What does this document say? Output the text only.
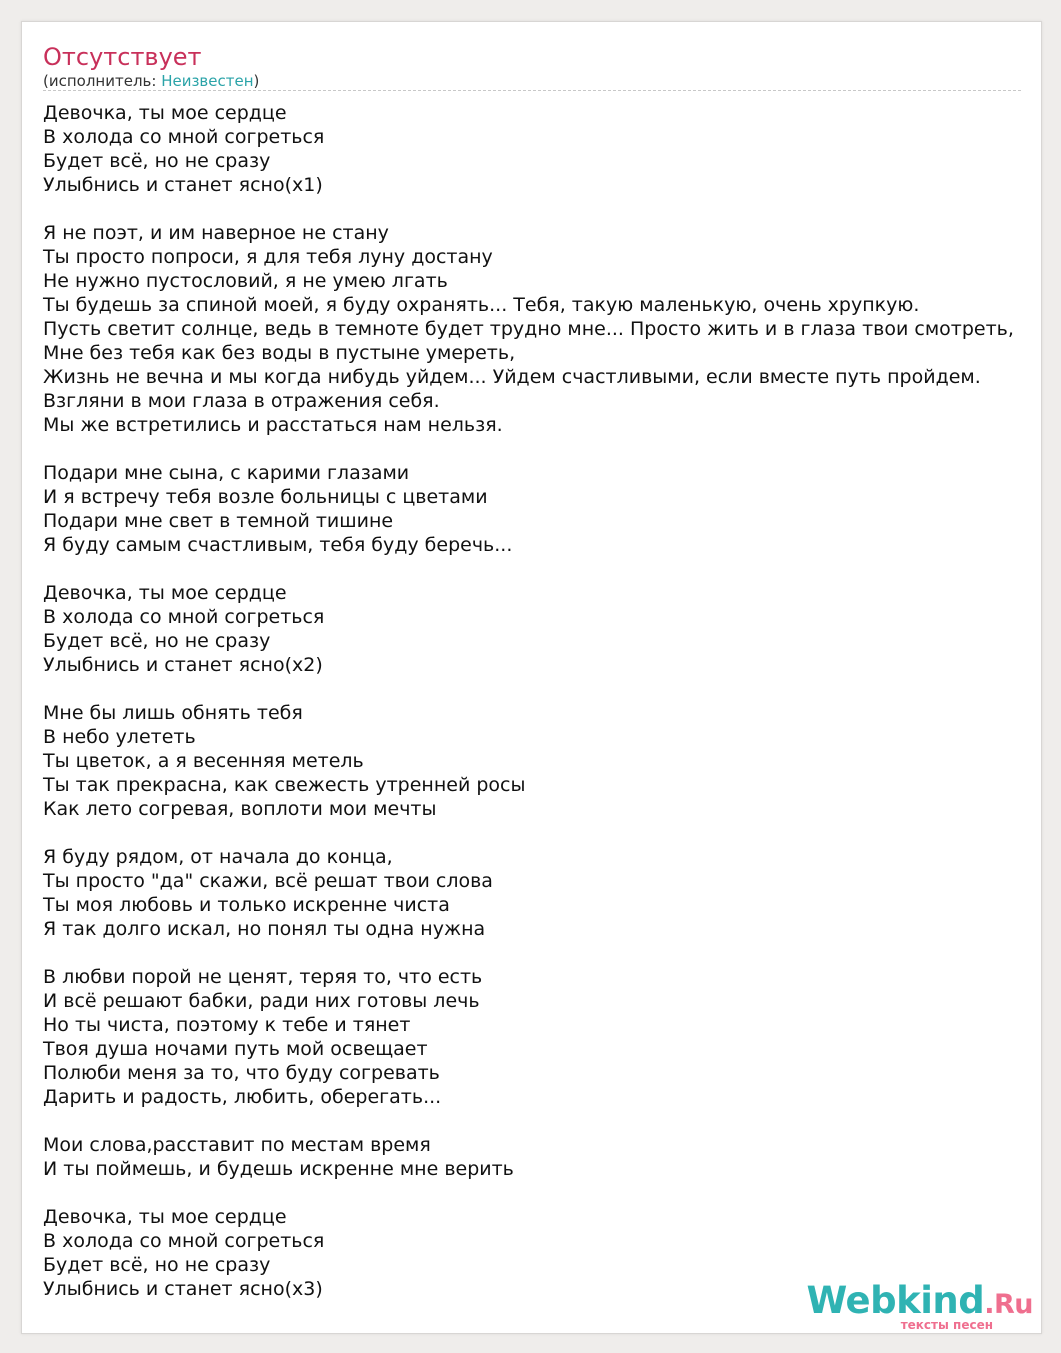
Отсутствует
(исполнитель: Неизвестен)
Девочка, ты мое сердце
В холода со мной согреться
Будет всё, но не сразу
Улыбнись и станет ясно(x1)
Я не поэт, и им наверное не стану
Ты просто попроси, я для тебя луну достану
Не нужно пустословий, я не умею лгать
Ты будешь за спиной моей, я буду охранять... Тебя, такую маленькую, очень хрупкую.
Пусть светит солнце, ведь в темноте будет трудно мне... Просто жить и в глаза твои смотреть,
Мне без тебя как без воды в пустыне умереть,
Жизнь не вечна и мы когда нибудь уйдем... Уйдем счастливыми, если вместе путь пройдем.
Взгляни в мои глаза в отражения себя.
Мы же встретились и расстаться нам нельзя.
Подари мне сына, с карими глазами
И я встречу тебя возле больницы с цветами
Подари мне свет в темной тишине
Я буду самым счастливым, тебя буду беречь...
Девочка, ты мое сердце
В холода со мной согреться
Будет всё, но не сразу
Улыбнись и станет ясно(x2)
Мне бы лишь обнять тебя
В небо улететь
Ты цветок, а я весенняя метель
Ты так прекрасна, как свежесть утренней росы
Как лето согревая, воплоти мои мечты
Я буду рядом, от начала до конца,
Ты просто "да" скажи, всё решат твои слова
Ты моя любовь и только искренне чиста
Я так долго искал, но понял ты одна нужна
В любви порой не ценят, теряя то, что есть
И всё решают бабки, ради них готовы лечь
Но ты чиста, поэтому к тебе и тянет
Твоя душа ночами путь мой освещает
Полюби меня за то, что буду согревать
Дарить и радость, любить, оберегать...
Мои слова,расставит по местам время
И ты поймешь, и будешь искренне мне верить
Девочка, ты мое сердце
В холода со мной согреться
Будет всё, но не сразу
Улыбнись и станет ясно(x3)	Webkind.Ru
тексты песен
